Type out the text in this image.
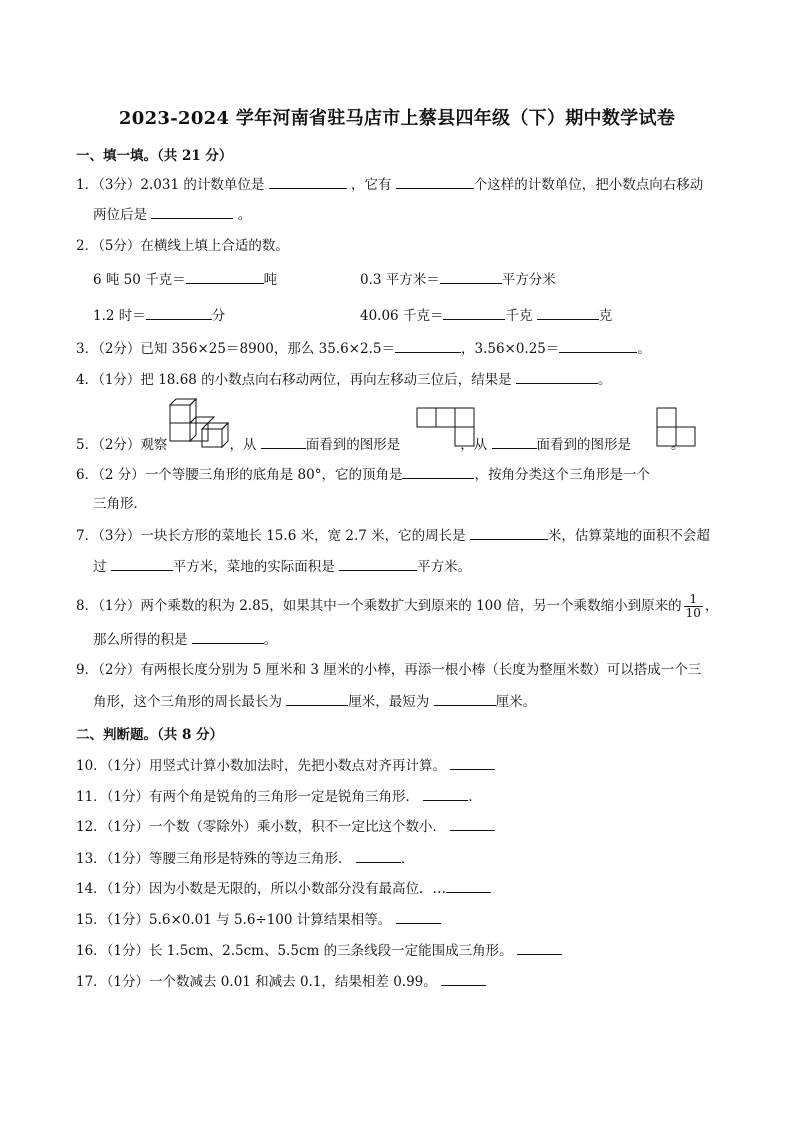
2023-2024 学年河南省驻马店市上蔡县四年级（下）期中数学试卷
一、填一填。（共 21 分）
1．（3分）2.031 的计数单位是	，它有	个这样的计数单位，把小数点向右移动
两位后是	。
2．（5分）在横线上填上合适的数。
6 吨 50 千克＝	吨	0.3 平方米＝	平方分米
1.2 时＝	分	40.06 千克＝	千克	克
3．（2分）已知 356×25＝8900，那么 35.6×2.5＝	，3.56×0.25＝	。
4．（1分）把 18.68 的小数点向右移动两位，再向左移动三位后，结果是	。
5．（2分）观察	，从	面看到的图形是	，从	面看到的图形是	。
6．（2 分）一个等腰三角形的底角是 80°，它的顶角是	，按角分类这个三角形是一个
三角形．
7．（3分）一块长方形的菜地长 15.6 米，宽 2.7 米，它的周长是	米，估算菜地的面积不会超
过	平方米，菜地的实际面积是	平方米。
8．（1分）两个乘数的积为 2.85，如果其中一个乘数扩大到原来的 100 倍，另一个乘数缩小到原来的 $\frac{1}{10}$ ，
那么所得的积是	。
9．（2分）有两根长度分别为 5 厘米和 3 厘米的小棒，再添一根小棒（长度为整厘米数）可以搭成一个三
角形，这个三角形的周长最长为	厘米，最短为	厘米。
二、判断题。（共 8 分）
10．（1分）用竖式计算小数加法时，先把小数点对齐再计算。
11．（1分）有两个角是锐角的三角形一定是锐角三角形．	．
12．（1分）一个数（零除外）乘小数，积不一定比这个数小．
13．（1分）等腰三角形是特殊的等边三角形．	．
14．（1分）因为小数是无限的，所以小数部分没有最高位．…
15．（1分）5.6×0.01 与 5.6÷100 计算结果相等。
16．（1分）长 1.5cm、2.5cm、5.5cm 的三条线段一定能围成三角形。
17．（1分）一个数减去 0.01 和减去 0.1，结果相差 0.99。
